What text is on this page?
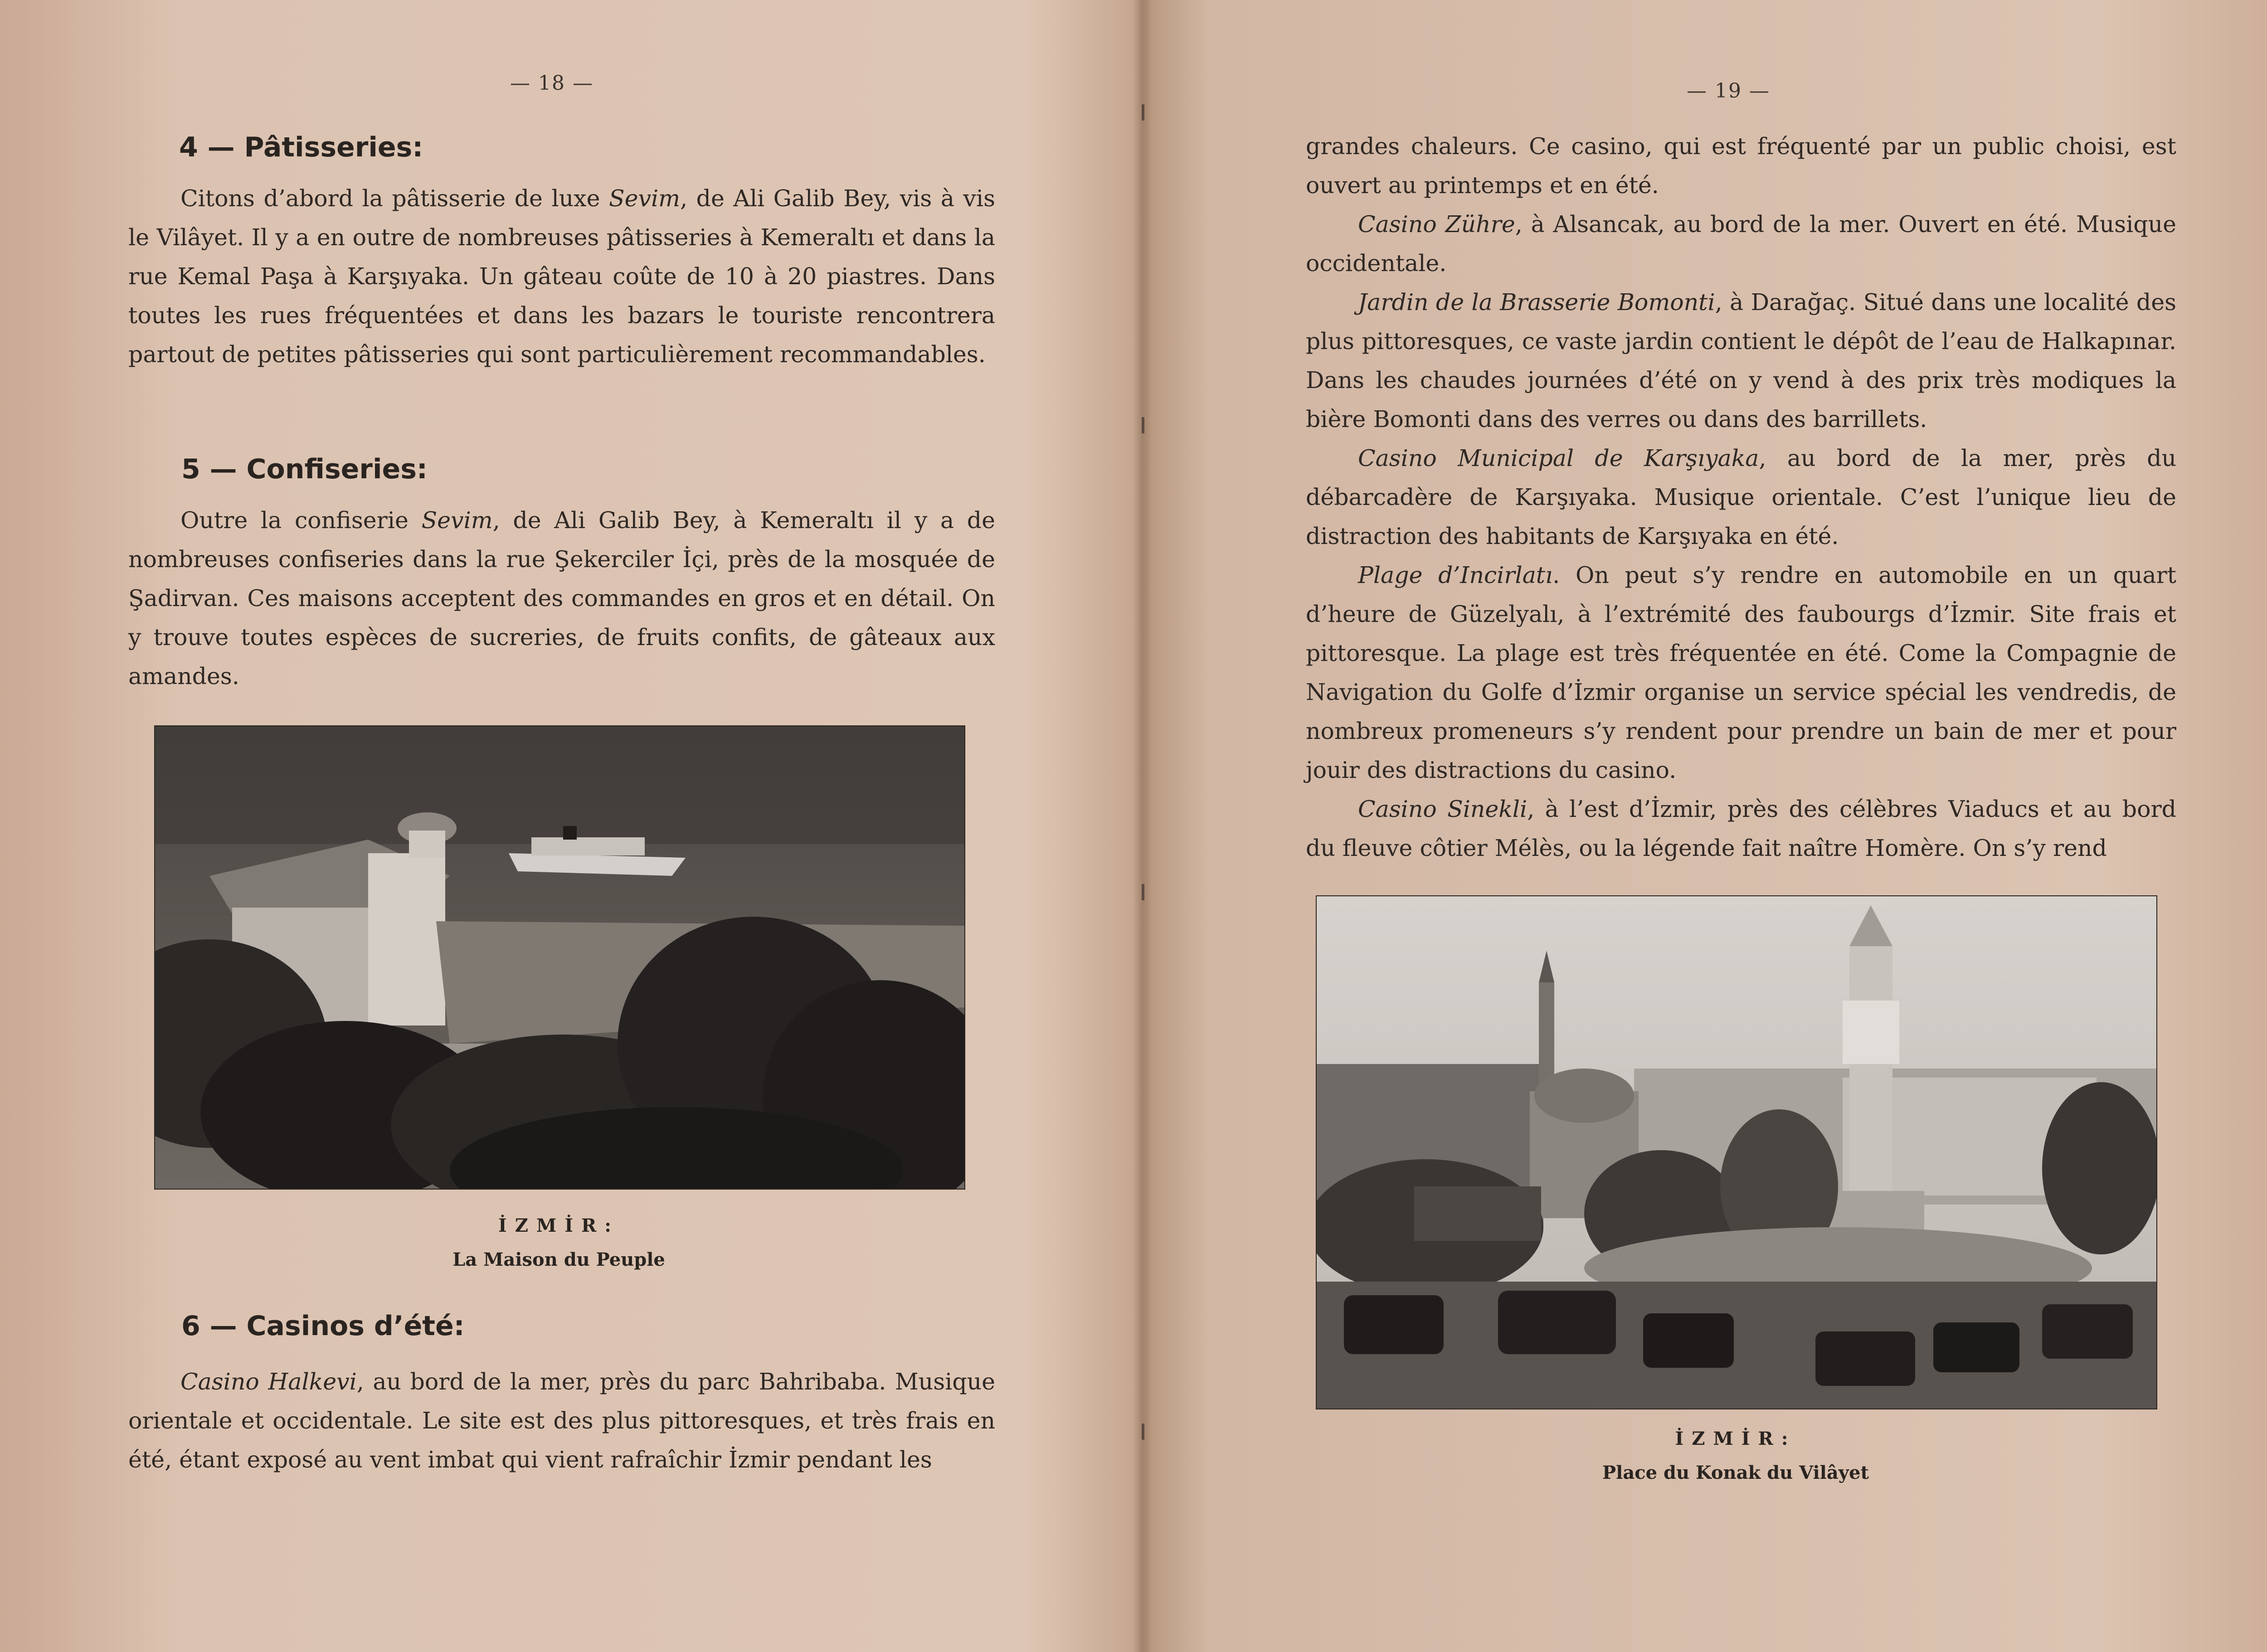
— 18 —
4 — Pâtisseries:

Citons d’abord la pâtisserie de luxe Sevim, de Ali Galib Bey, vis à vis le Vilâyet. Il y a en outre de nombreuses pâtisseries à Kemeraltı et dans la rue Kemal Paşa à Karşıyaka. Un gâteau coûte de 10 à 20 piastres. Dans toutes les rues fréquentées et dans les bazars le touriste rencontrera partout de petites pâtisseries qui sont particulièrement recommandables.

5 — Confiseries:

Outre la confiserie Sevim, de Ali Galib Bey, à Kemeraltı il y a de nombreuses confiseries dans la rue Şekerciler İçi, près de la mosquée de Şadirvan. Ces maisons acceptent des commandes en gros et en détail. On y trouve toutes espèces de sucreries, de fruits confits, de gâteaux aux amandes.

İZMİR:
La Maison du Peuple
6 — Casinos d’été:

Casino Halkevi, au bord de la mer, près du parc Bahribaba. Musique orientale et occidentale. Le site est des plus pittoresques, et très frais en été, étant exposé au vent imbat qui vient rafraîchir İzmir pendant les

— 19 —

grandes chaleurs. Ce casino, qui est fréquenté par un public choisi, est ouvert au printemps et en été.

Casino Zühre, à Alsancak, au bord de la mer. Ouvert en été. Musique occidentale.

Jardin de la Brasserie Bomonti, à Darağaç. Situé dans une localité des plus pittoresques, ce vaste jardin contient le dépôt de l’eau de Halkapınar. Dans les chaudes journées d’été on y vend à des prix très modiques la bière Bomonti dans des verres ou dans des barrillets.

Casino Municipal de Karşıyaka, au bord de la mer, près du débarcadère de Karşıyaka. Musique orientale. C’est l’unique lieu de distraction des habitants de Karşıyaka en été.

Plage d’Incirlatı. On peut s’y rendre en automobile en un quart d’heure de Güzelyalı, à l’extrémité des faubourgs d’İzmir. Site frais et pittoresque. La plage est très fréquentée en été. Come la Compagnie de Navigation du Golfe d’İzmir organise un service spécial les vendredis, de nombreux promeneurs s’y rendent pour prendre un bain de mer et pour jouir des distractions du casino.

Casino Sinekli, à l’est d’İzmir, près des célèbres Viaducs et au bord du fleuve côtier Mélès, ou la légende fait naître Homère. On s’y rend

İZMİR:
Place du Konak du Vilâyet
